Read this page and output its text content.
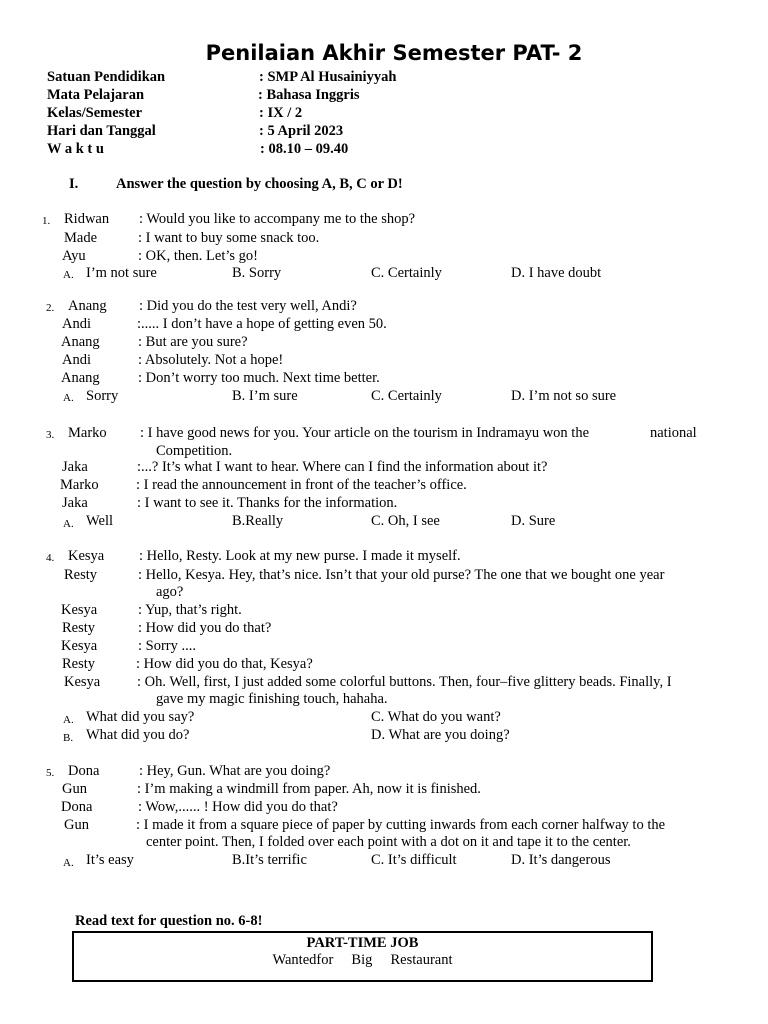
Penilaian Akhir Semester PAT- 2
Satuan Pendidikan	: SMP Al Husainiyyah
Mata Pelajaran	: Bahasa Inggris
Kelas/Semester	: IX / 2
Hari dan Tanggal	: 5 April 2023
W a k t u	: 08.10 – 09.40
I.	Answer the question by choosing A, B, C or D!
1. Ridwan : Would you like to accompany me to the shop?
Made	: I want to buy some snack too.
Ayu	: OK, then. Let’s go!
A. I’m not sure	B. Sorry	C. Certainly	D. I have doubt
2. Anang : Did you do the test very well, Andi?
Andi	:..... I don’t have a hope of getting even 50.
Anang	: But are you sure?
Andi	: Absolutely. Not a hope!
Anang	: Don’t worry too much. Next time better.
A. Sorry	B. I’m sure	C. Certainly	D. I’m not so sure
3. Marko : I have good news for you. Your article on the tourism in Indramayu won the	national
Competition.
Jaka	:...? It’s what I want to hear. Where can I find the information about it?
Marko	: I read the announcement in front of the teacher’s office.
Jaka	: I want to see it. Thanks for the information.
A. Well	B.Really	C. Oh, I see	D. Sure
4. Kesya : Hello, Resty. Look at my new purse. I made it myself.
Resty	: Hello, Kesya. Hey, that’s nice. Isn’t that your old purse? The one that we bought one year
ago?
Kesya	: Yup, that’s right.
Resty	: How did you do that?
Kesya	: Sorry ....
Resty	: How did you do that, Kesya?
Kesya	: Oh. Well, first, I just added some colorful buttons. Then, four–five glittery beads. Finally, I
gave my magic finishing touch, hahaha.
A. What did you say?	C. What do you want?
B. What did you do?	D. What are you doing?
5. Dona	: Hey, Gun. What are you doing?
Gun	: I’m making a windmill from paper. Ah, now it is finished.
Dona	: Wow,...... ! How did you do that?
Gun	: I made it from a square piece of paper by cutting inwards from each corner halfway to the
center point. Then, I folded over each point with a dot on it and tape it to the center.
A. It’s easy	B.It’s terrific	C. It’s difficult	D. It’s dangerous
Read text for question no. 6-8!
PART-TIME JOB
Wantedfor     Big     Restaurant
